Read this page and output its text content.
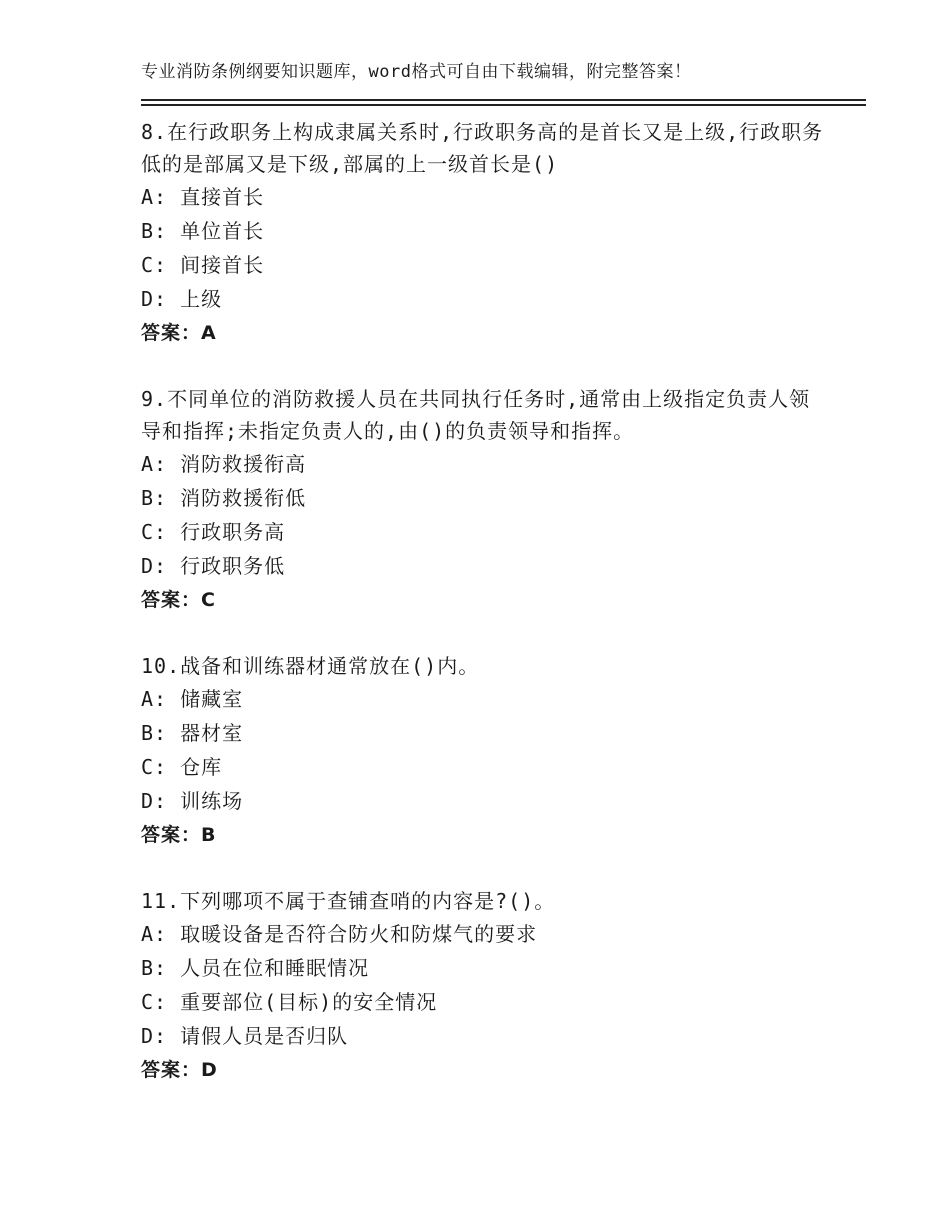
专业消防条例纲要知识题库，word格式可自由下载编辑，附完整答案！
8.在行政职务上构成隶属关系时,行政职务高的是首长又是上级,行政职务低的是部属又是下级,部属的上一级首长是()
A: 直接首长
B: 单位首长
C: 间接首长
D: 上级
答案：A
9.不同单位的消防救援人员在共同执行任务时,通常由上级指定负责人领导和指挥;未指定负责人的,由()的负责领导和指挥。
A: 消防救援衔高
B: 消防救援衔低
C: 行政职务高
D: 行政职务低
答案：C
10.战备和训练器材通常放在()内。
A: 储藏室
B: 器材室
C: 仓库
D: 训练场
答案：B
11.下列哪项不属于查铺查哨的内容是?()。
A: 取暖设备是否符合防火和防煤气的要求
B: 人员在位和睡眠情况
C: 重要部位(目标)的安全情况
D: 请假人员是否归队
答案：D
